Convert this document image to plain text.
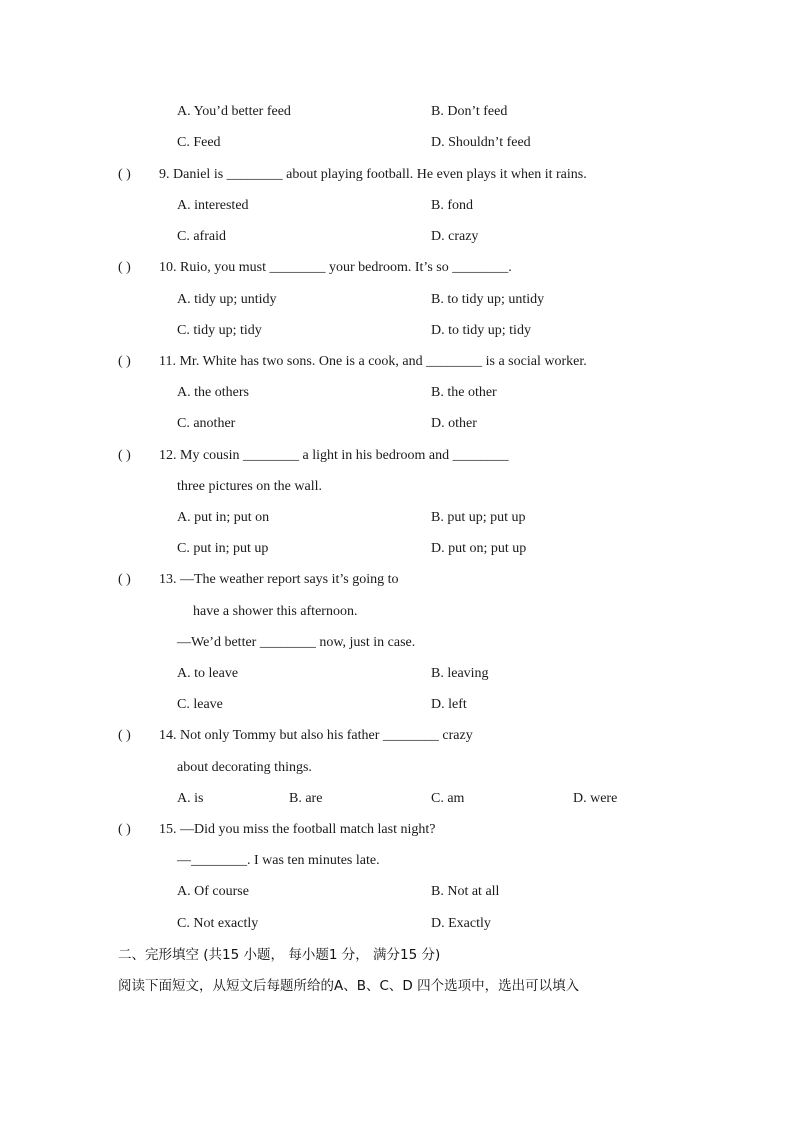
A. You’d better feed	B. Don’t feed
C. Feed	D. Shouldn’t feed
( ) 9. Daniel is ________ about playing football. He even plays it when it rains.
A. interested	B. fond
C. afraid	D. crazy
( ) 10. Ruio, you must ________ your bedroom. It’s so ________.
A. tidy up; untidy	B. to tidy up; untidy
C. tidy up; tidy	D. to tidy up; tidy
( ) 11. Mr. White has two sons. One is a cook, and ________ is a social worker.
A. the others	B. the other
C. another	D. other
( ) 12. My cousin ________ a light in his bedroom and ________
three pictures on the wall.
A. put in; put on	B. put up; put up
C. put in; put up	D. put on; put up
( ) 13. —The weather report says it’s going to
have a shower this afternoon.
—We’d better ________ now, just in case.
A. to leave	B. leaving
C. leave	D. left
( ) 14. Not only Tommy but also his father ________ crazy
about decorating things.
A. is	B. are	C. am	D. were
( ) 15. —Did you miss the football match last night?
—________. I was ten minutes late.
A. Of course	B. Not at all
C. Not exactly	D. Exactly
二、完形填空 (共15 小题， 每小题1 分， 满分15 分)
阅读下面短文，从短文后每题所给的A、B、C、D 四个选项中，选出可以填入
